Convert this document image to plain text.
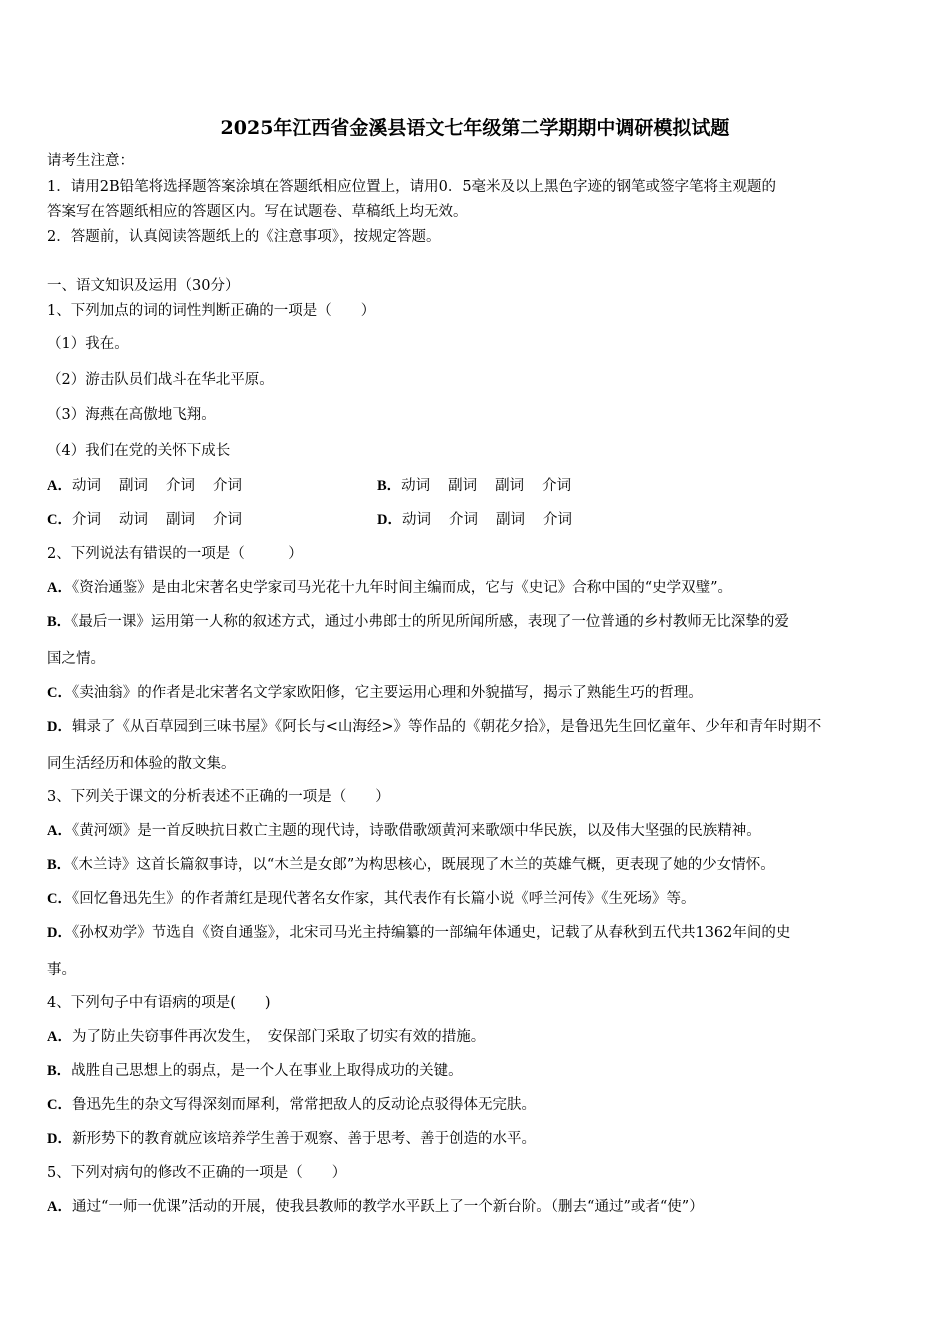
2025年江西省金溪县语文七年级第二学期期中调研模拟试题
请考生注意：
1．请用2B铅笔将选择题答案涂填在答题纸相应位置上，请用0．5毫米及以上黑色字迹的钢笔或签字笔将主观题的
答案写在答题纸相应的答题区内。写在试题卷、草稿纸上均无效。
2．答题前，认真阅读答题纸上的《注意事项》，按规定答题。
一、语文知识及运用（30分）
1、下列加点的词的词性判断正确的一项是（　　）
（1）我在。
（2）游击队员们战斗在华北平原。
（3）海燕在高傲地飞翔。
（4）我们在党的关怀下成长
A．动词 副词 介词 介词	B．动词 副词 副词 介词
C．介词 动词 副词 介词	D．动词 介词 副词 介词
2、下列说法有错误的一项是（　　　）
A．《资治通鉴》是由北宋著名史学家司马光花十九年时间主编而成，它与《史记》合称中国的“史学双璧”。
B．《最后一课》运用第一人称的叙述方式，通过小弗郎士的所见所闻所感，表现了一位普通的乡村教师无比深挚的爱
国之情。
C．《卖油翁》的作者是北宋著名文学家欧阳修，它主要运用心理和外貌描写，揭示了熟能生巧的哲理。
D．辑录了《从百草园到三味书屋》《阿长与<山海经>》等作品的《朝花夕拾》，是鲁迅先生回忆童年、少年和青年时期不
同生活经历和体验的散文集。
3、下列关于课文的分析表述不正确的一项是（　　）
A．《黄河颂》是一首反映抗日救亡主题的现代诗，诗歌借歌颂黄河来歌颂中华民族，以及伟大坚强的民族精神。
B．《木兰诗》这首长篇叙事诗，以“木兰是女郎”为构思核心，既展现了木兰的英雄气概，更表现了她的少女情怀。
C．《回忆鲁迅先生》的作者萧红是现代著名女作家，其代表作有长篇小说《呼兰河传》《生死场》等。
D．《孙权劝学》节选自《资自通鉴》，北宋司马光主持编纂的一部编年体通史，记载了从春秋到五代共1362年间的史
事。
4、下列句子中有语病的项是(　　)
A．为了防止失窃事件再次发生，　安保部门采取了切实有效的措施。
B．战胜自己思想上的弱点，是一个人在事业上取得成功的关键。
C．鲁迅先生的杂文写得深刻而犀利，常常把敌人的反动论点驳得体无完肤。
D．新形势下的教育就应该培养学生善于观察、善于思考、善于创造的水平。
5、下列对病句的修改不正确的一项是（　　）
A．通过“一师一优课”活动的开展，使我县教师的教学水平跃上了一个新台阶。（删去“通过”或者“使”）
